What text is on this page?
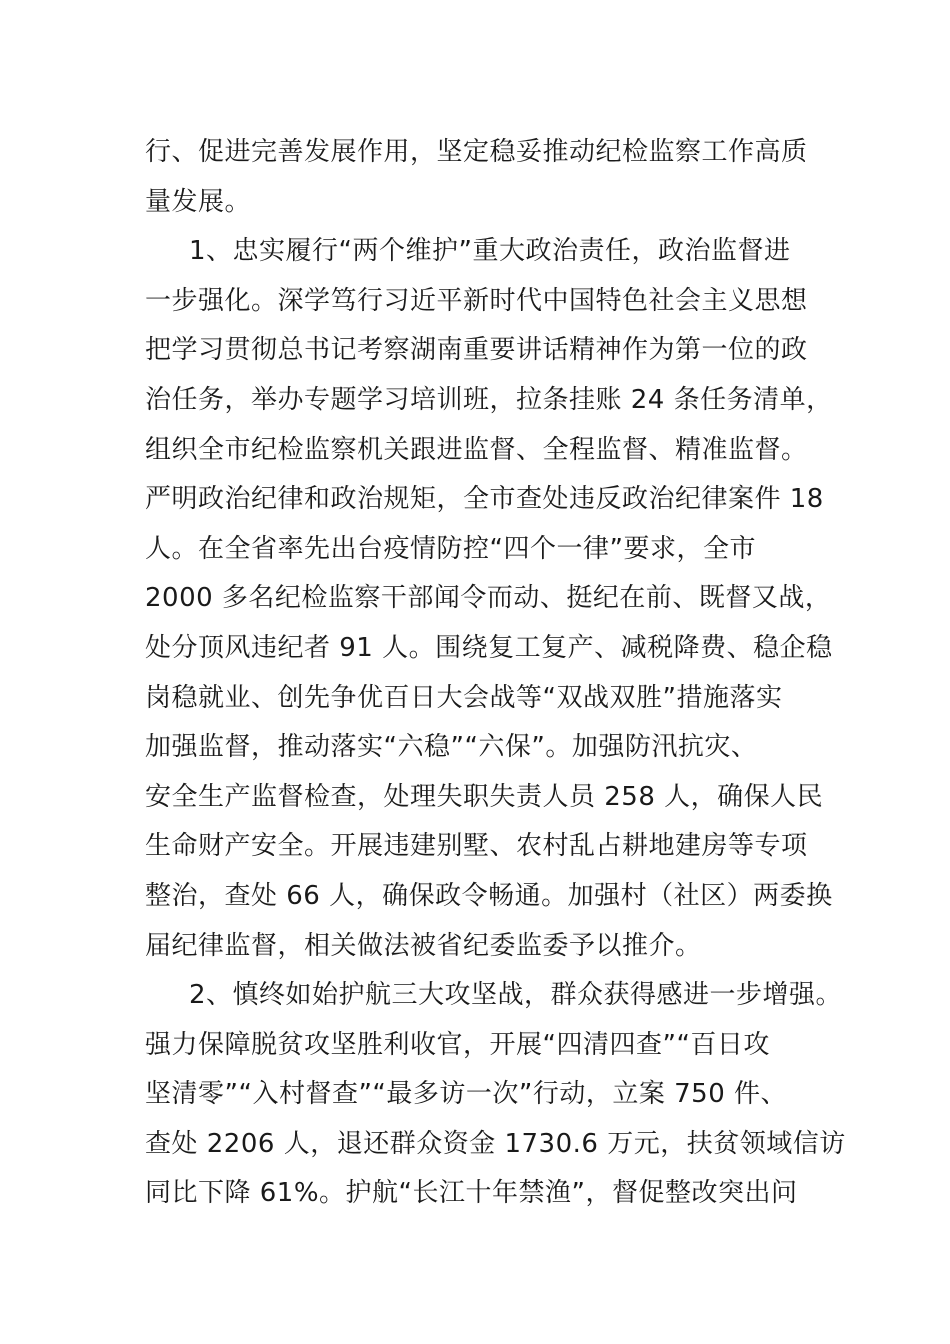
行、促进完善发展作用，坚定稳妥推动纪检监察工作高质
量发展。
1、忠实履行“两个维护”重大政治责任，政治监督进
一步强化。深学笃行习近平新时代中国特色社会主义思想
把学习贯彻总书记考察湖南重要讲话精神作为第一位的政
治任务，举办专题学习培训班，拉条挂账 24 条任务清单，
组织全市纪检监察机关跟进监督、全程监督、精准监督。
严明政治纪律和政治规矩，全市查处违反政治纪律案件 18
人。在全省率先出台疫情防控“四个一律”要求，全市
2000 多名纪检监察干部闻令而动、挺纪在前、既督又战，
处分顶风违纪者 91 人。围绕复工复产、减税降费、稳企稳
岗稳就业、创先争优百日大会战等“双战双胜”措施落实
加强监督，推动落实“六稳”“六保”。加强防汛抗灾、
安全生产监督检查，处理失职失责人员 258 人，确保人民
生命财产安全。开展违建别墅、农村乱占耕地建房等专项
整治，查处 66 人，确保政令畅通。加强村（社区）两委换
届纪律监督，相关做法被省纪委监委予以推介。
2、慎终如始护航三大攻坚战，群众获得感进一步增强。
强力保障脱贫攻坚胜利收官，开展“四清四查”“百日攻
坚清零”“入村督查”“最多访一次”行动，立案 750 件、
查处 2206 人，退还群众资金 1730.6 万元，扶贫领域信访
同比下降 61%。护航“长江十年禁渔”，督促整改突出问
